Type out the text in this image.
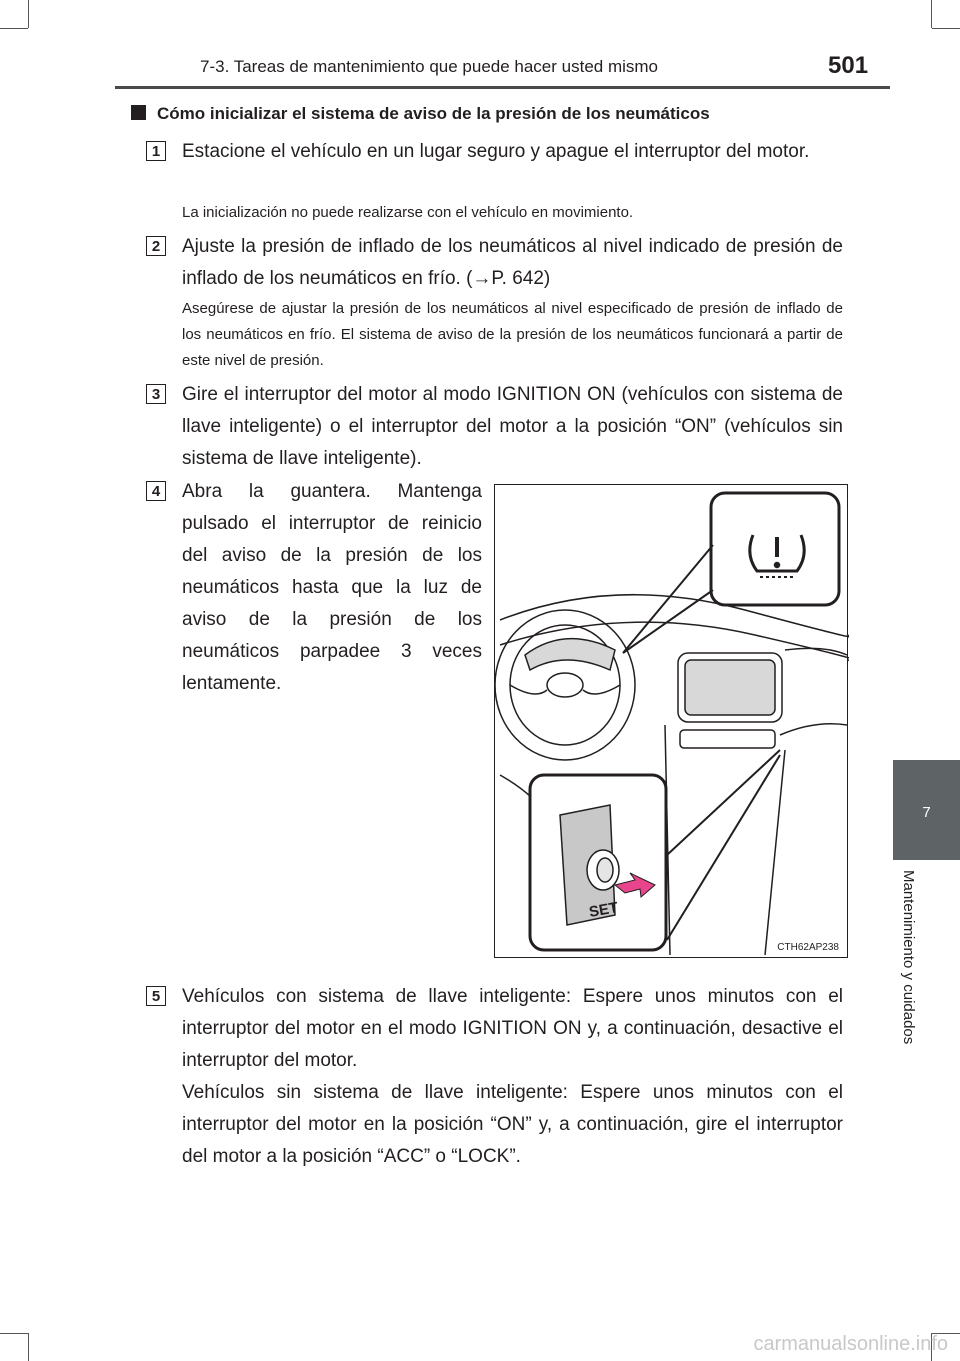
7-3. Tareas de mantenimiento que puede hacer usted mismo	501
7
Mantenimiento y cuidados
Cómo inicializar el sistema de aviso de la presión de los neumáticos
1	Estacione el vehículo en un lugar seguro y apague el interruptor del motor.
La inicialización no puede realizarse con el vehículo en movimiento.
2	Ajuste la presión de inflado de los neumáticos al nivel indicado de presión de inflado de los neumáticos en frío. (→P. 642)
Asegúrese de ajustar la presión de los neumáticos al nivel especificado de presión de inflado de los neumáticos en frío. El sistema de aviso de la presión de los neumáticos funcionará a partir de este nivel de presión.
3	Gire el interruptor del motor al modo IGNITION ON (vehículos con sistema de llave inteligente) o el interruptor del motor a la posición “ON” (vehículos sin sistema de llave inteligente).
4	Abra la guantera. Mantenga pulsado el interruptor de reinicio del aviso de la presión de los neumáticos hasta que la luz de aviso de la presión de los neumáticos parpadee 3 veces lentamente.
SET
CTH62AP238
5	Vehículos con sistema de llave inteligente: Espere unos minutos con el interruptor del motor en el modo IGNITION ON y, a continuación, desactive el interruptor del motor.
Vehículos sin sistema de llave inteligente: Espere unos minutos con el interruptor del motor en la posición “ON” y, a continuación, gire el interruptor del motor a la posición “ACC” o “LOCK”.
carmanualsonline.info
